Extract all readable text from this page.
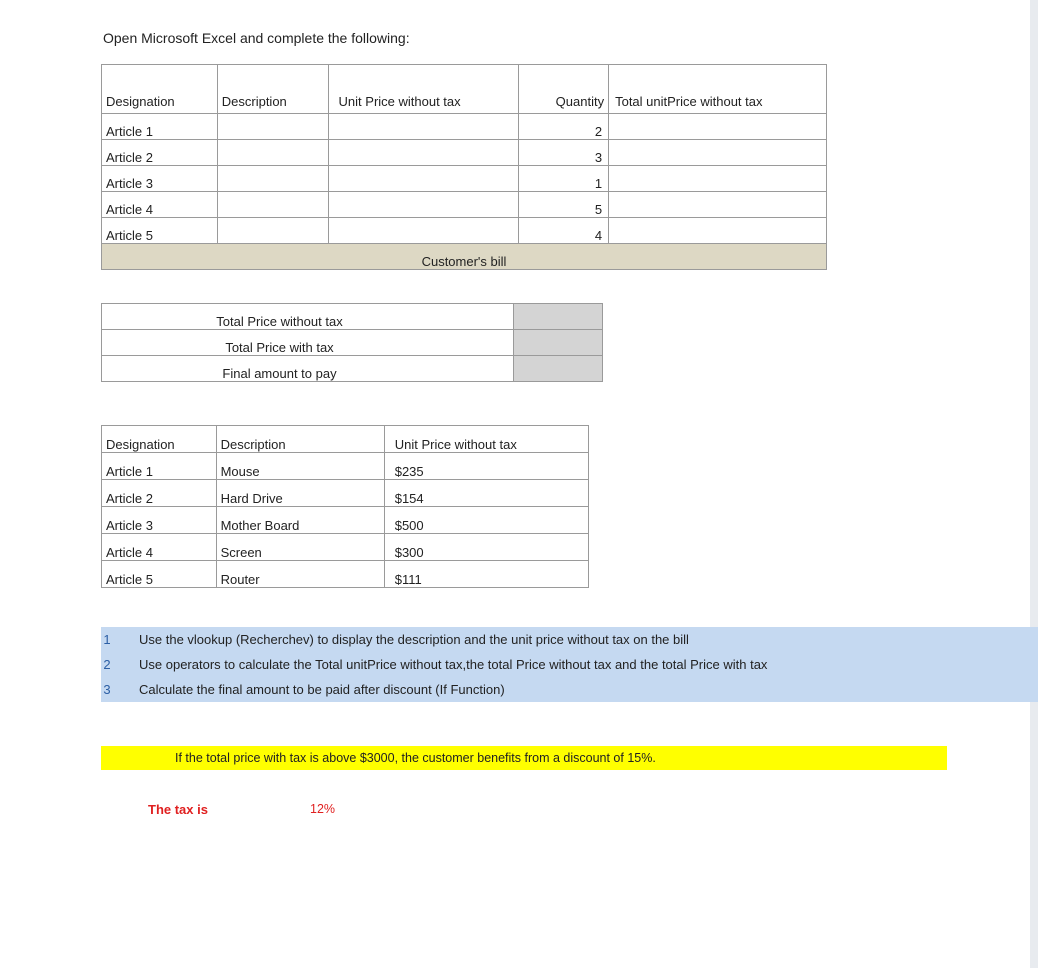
Open Microsoft Excel and complete the following:
Designation	Description	Unit Price without tax	Quantity	Total unitPrice without tax
Article 1			2	
Article 2			3	
Article 3			1	
Article 4			5	
Article 5			4	
Customer's bill				
Total Price without tax	
Total Price with tax	
Final amount to pay	
Designation	Description	Unit Price without tax
Article 1	Mouse	$235
Article 2	Hard Drive	$154
Article 3	Mother Board	$500
Article 4	Screen	$300
Article 5	Router	$111
1 Use the vlookup (Recherchev) to display the description and the unit price without tax on the bill
2 Use operators to calculate the Total unitPrice without tax,the total Price without tax and the total Price with tax
3 Calculate the final amount to be paid after discount (If Function)
If the total price with tax is above $3000, the customer benefits from a discount of 15%.
The tax is	12%
